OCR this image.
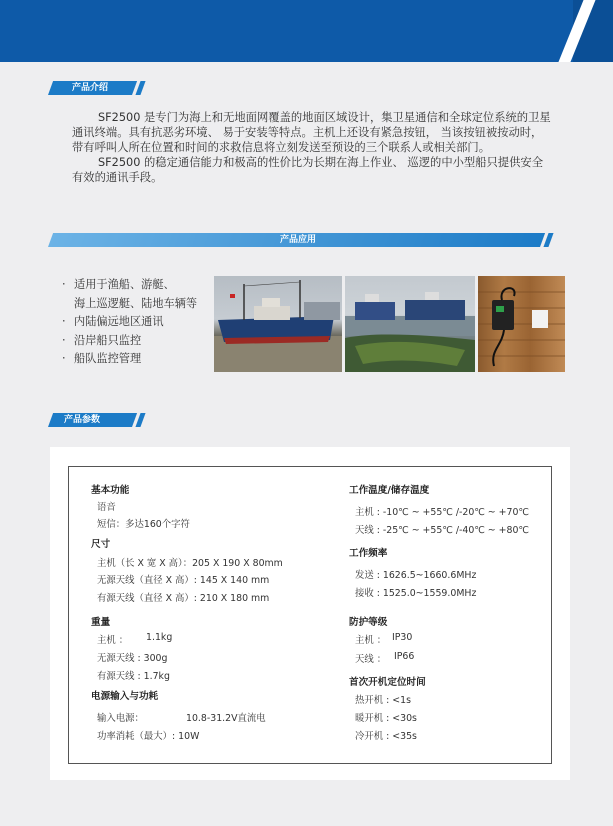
产品介绍

SF2500 是专门为海上和无地面网覆盖的地面区域设计，集卫星通信和全球定位系统的卫星通讯终端。具有抗恶劣环境、 易于安装等特点。主机上还设有紧急按钮， 当该按钮被按动时， 带有呼叫人所在位置和时间的求救信息将立刻发送至预设的三个联系人或相关部门。

SF2500 的稳定通信能力和极高的性价比为长期在海上作业、 巡逻的中小型船只提供安全有效的通讯手段。

产品应用
· 适用于渔船、游艇、
海上巡逻艇、陆地车辆等
· 内陆偏远地区通讯
· 沿岸船只监控
· 船队监控管理
产品参数
基本功能
语音
短信：多达160个字符
尺寸
主机（长 X 宽 X 高）：205 X 190 X 80mm
无源天线（直径 X 高）: 145 X 140 mm
有源天线（直径 X 高）: 210 X 180 mm
重量
主机 ： 1.1kg
无源天线 : 300g
有源天线 : 1.7kg
电源输入与功耗
输入电源：	10.8-31.2V直流电
功率消耗（最大）: 10W
工作温度/储存温度
主机 : -10℃ ~ +55℃ /-20℃ ~ +70℃
天线 : -25℃ ~ +55℃ /-40℃ ~ +80℃
工作频率
发送 : 1626.5~1660.6MHz
接收 : 1525.0~1559.0MHz
防护等级
主机 ： IP30
天线 ： IP66
首次开机定位时间
热开机 : <1s
暖开机 : <30s
冷开机 : <35s
